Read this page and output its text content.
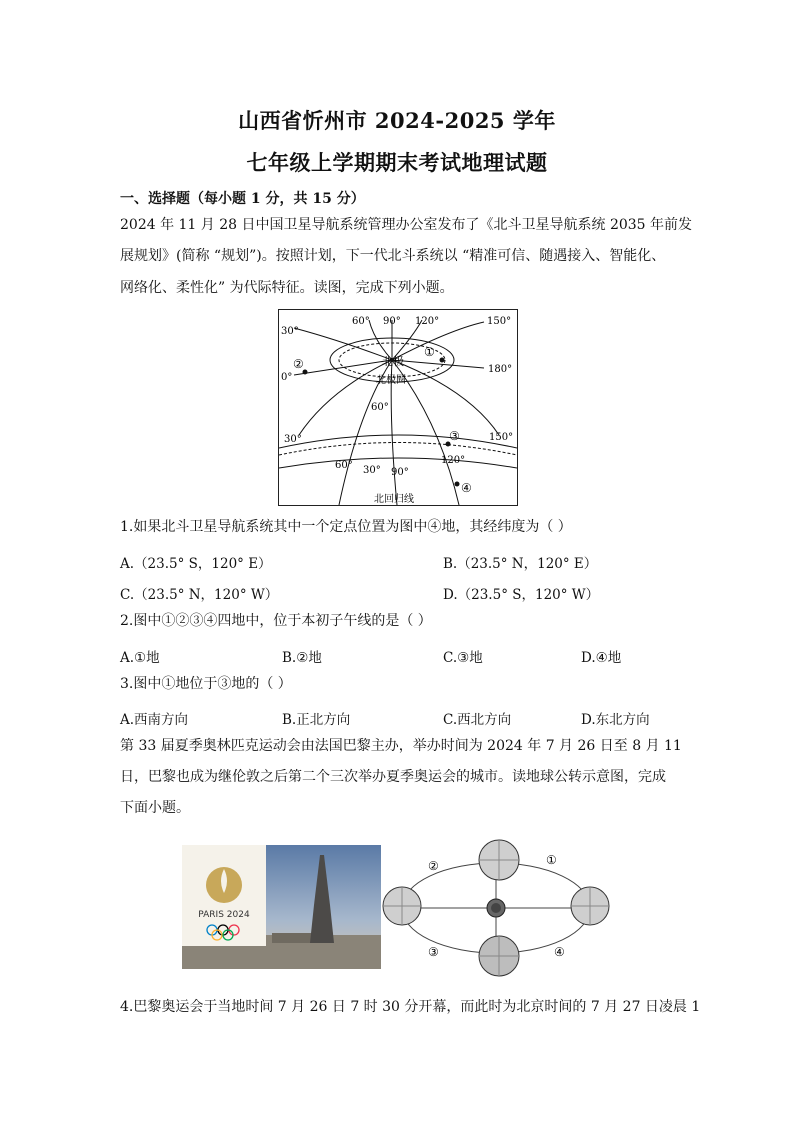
山西省忻州市 2024-2025 学年
七年级上学期期末考试地理试题
一、选择题（每小题 1 分，共 15 分）
2024 年 11 月 28 日中国卫星导航系统管理办公室发布了《北斗卫星导航系统 2035 年前发
展规划》(简称 “规划”)。按照计划，下一代北斗系统以 “精准可信、随遇接入、智能化、
网络化、柔性化” 为代际特征。读图，完成下列小题。
30°
60° 90° 120°	150°
0°
180°
北极
北极圈
60°
30°
60° 30° 90°
120°
150°
北回归线
①
②
③
④
1.如果北斗卫星导航系统其中一个定点位置为图中④地，其经纬度为（ ）
A.（23.5° S，120° E）	B.（23.5° N，120° E）
C.（23.5° N，120° W）	D.（23.5° S，120° W）
2.图中①②③④四地中，位于本初子午线的是（ ）
A.①地	B.②地	C.③地	D.④地
3.图中①地位于③地的（ ）
A.西南方向	B.正北方向	C.西北方向	D.东北方向
第 33 届夏季奥林匹克运动会由法国巴黎主办，举办时间为 2024 年 7 月 26 日至 8 月 11
日，巴黎也成为继伦敦之后第二个三次举办夏季奥运会的城市。读地球公转示意图，完成
下面小题。
PARIS 2024
①
②
③	④
4.巴黎奥运会于当地时间 7 月 26 日 7 时 30 分开幕，而此时为北京时间的 7 月 27 日凌晨 1
